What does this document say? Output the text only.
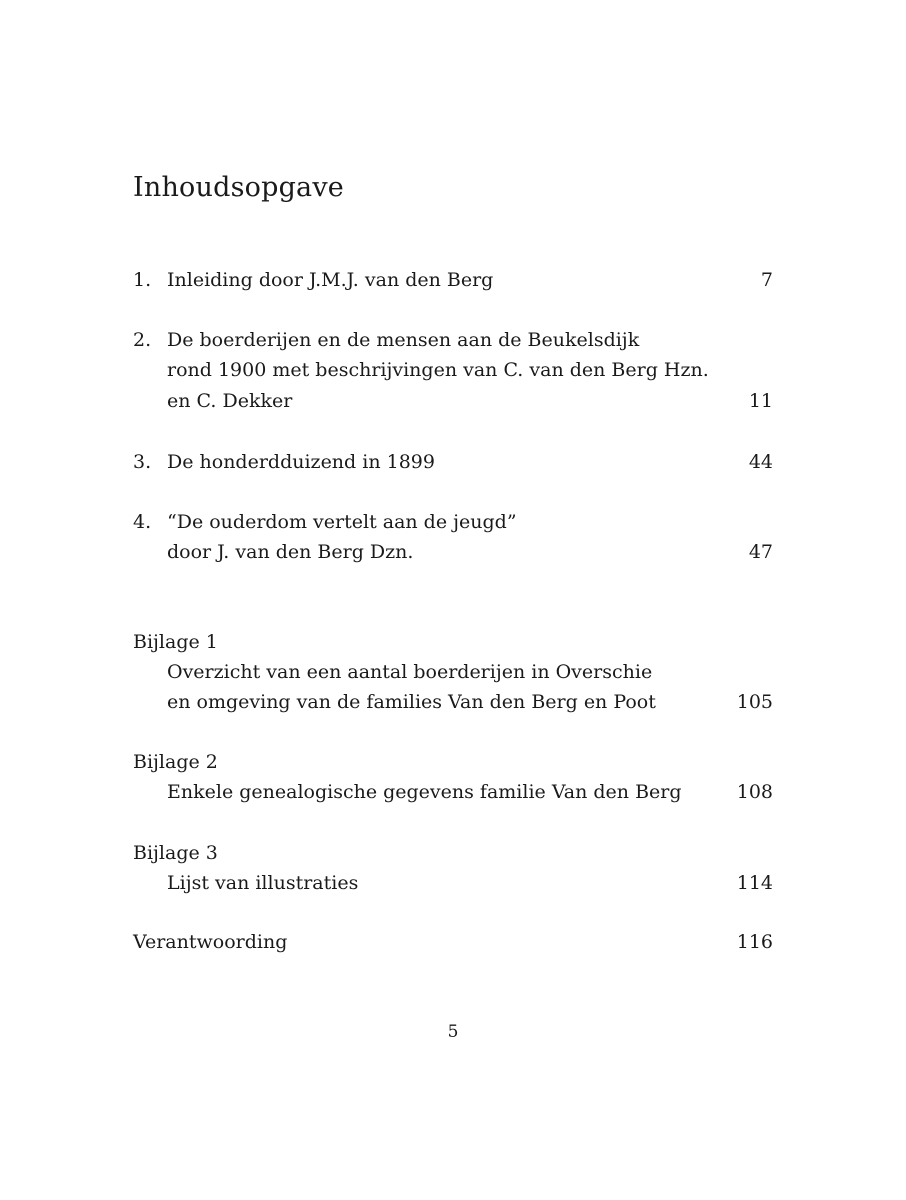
Inhoudsopgave
1. Inleiding door J.M.J. van den Berg	7
2. De boerderijen en de mensen aan de Beukelsdijk
rond 1900 met beschrijvingen van C. van den Berg Hzn.
en C. Dekker	11
3. De honderdduizend in 1899	44
4. “De ouderdom vertelt aan de jeugd”
door J. van den Berg Dzn.	47
Bijlage 1
Overzicht van een aantal boerderijen in Overschie
en omgeving van de families Van den Berg en Poot	105
Bijlage 2
Enkele genealogische gegevens familie Van den Berg	108
Bijlage 3
Lijst van illustraties	114
Verantwoording	116
5
